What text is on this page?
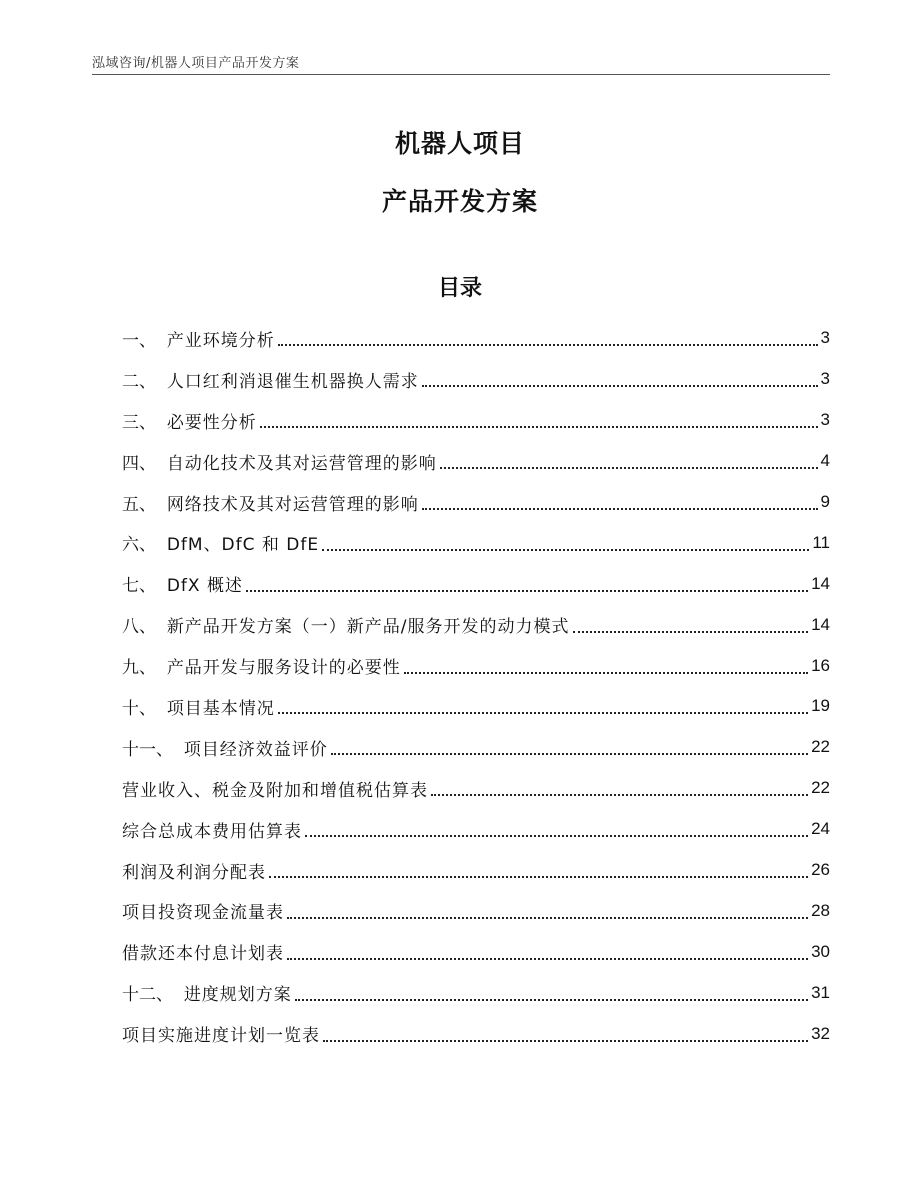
泓域咨询/机器人项目产品开发方案
机器人项目
产品开发方案
目录
一、 产业环境分析	3
二、 人口红利消退催生机器换人需求	3
三、 必要性分析	3
四、 自动化技术及其对运营管理的影响	4
五、 网络技术及其对运营管理的影响	9
六、 DfM、DfC 和 DfE	11
七、 DfX 概述	14
八、 新产品开发方案（一）新产品/服务开发的动力模式	14
九、 产品开发与服务设计的必要性	16
十、 项目基本情况	19
十一、 项目经济效益评价	22
营业收入、税金及附加和增值税估算表	22
综合总成本费用估算表	24
利润及利润分配表	26
项目投资现金流量表	28
借款还本付息计划表	30
十二、 进度规划方案	31
项目实施进度计划一览表	32
